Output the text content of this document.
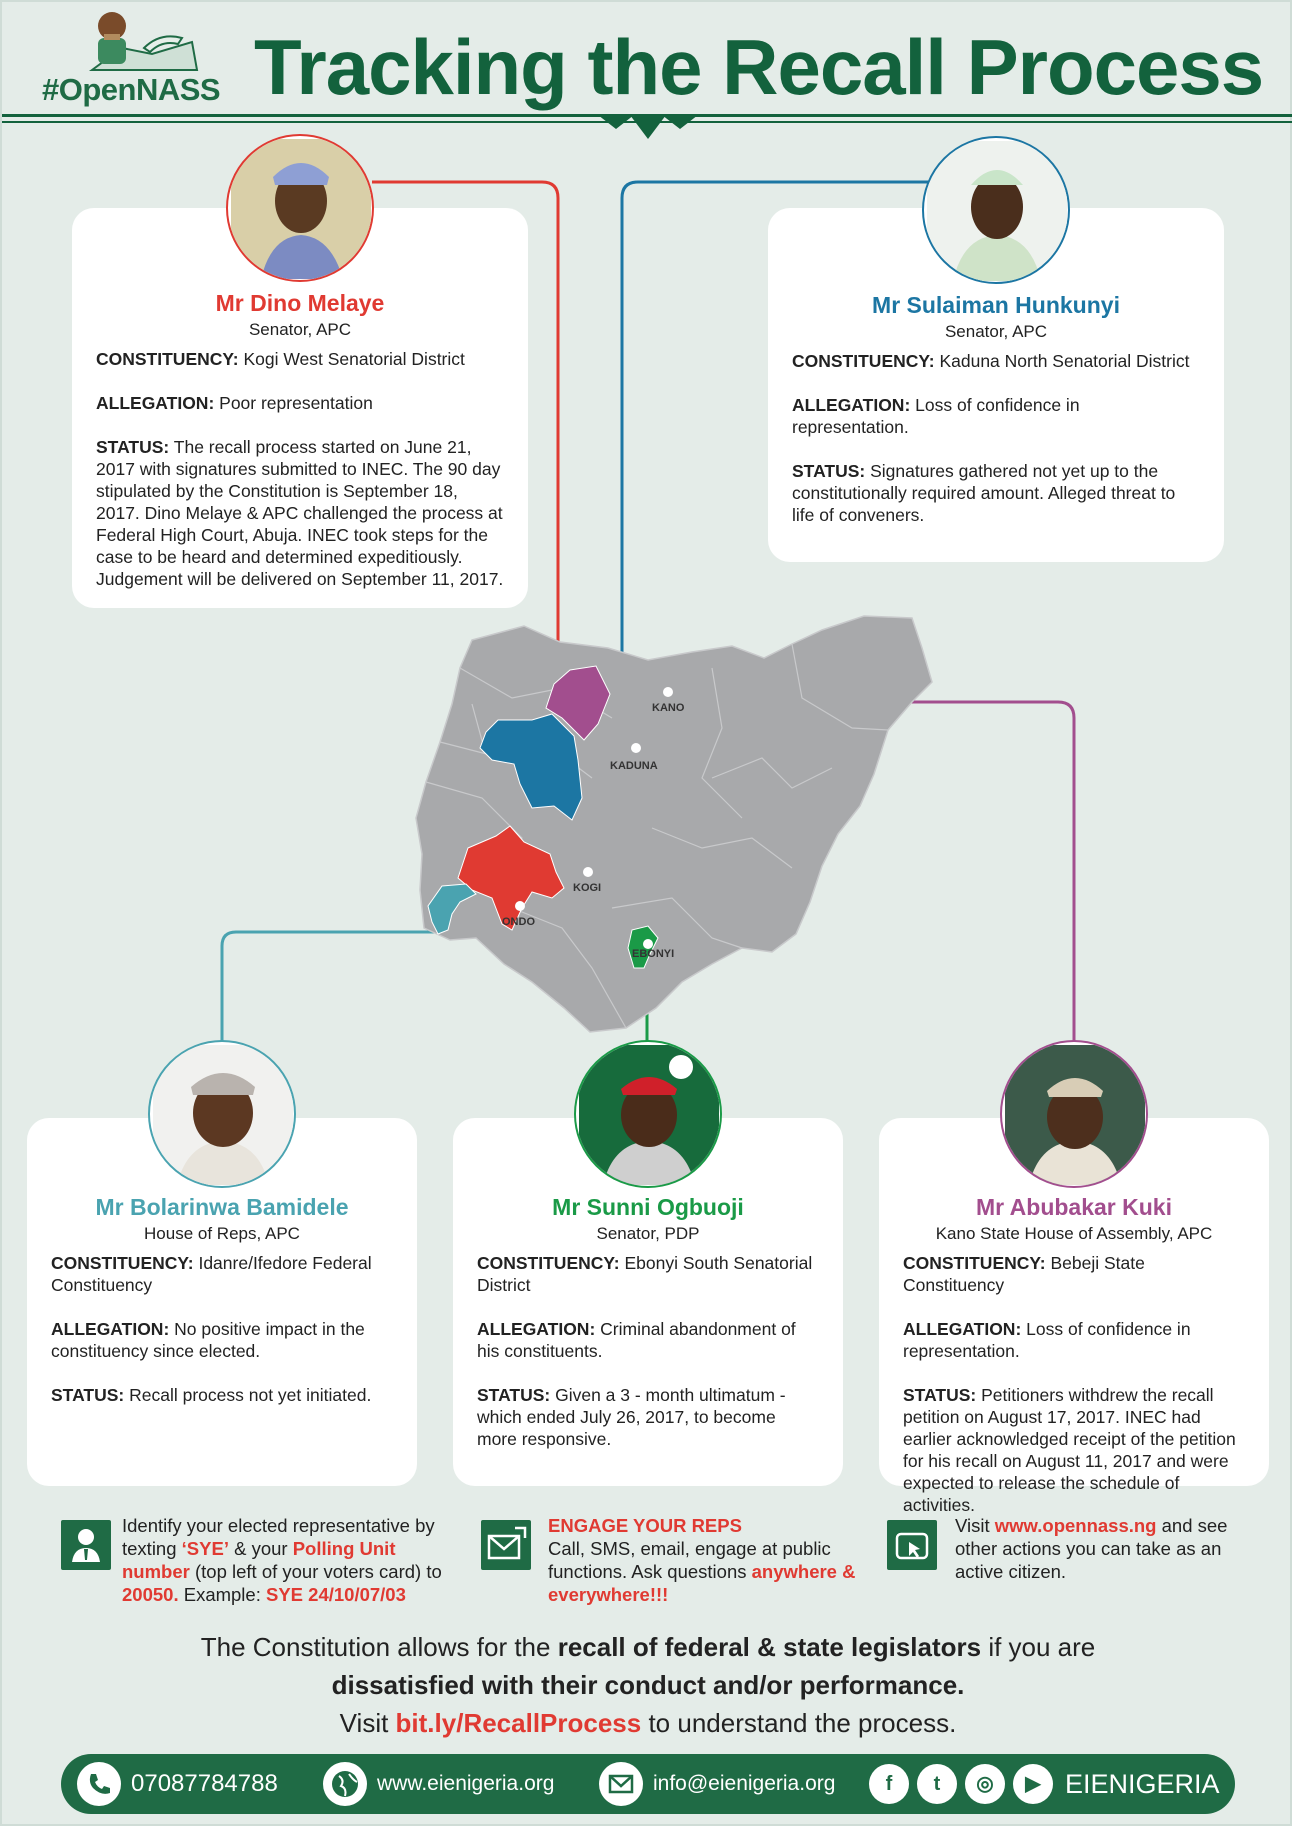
#OpenNASS Tracking the Recall Process
KANO
KADUNA
KOGI
ONDO
EBONYI
Mr Dino Melaye
Senator, APC

CONSTITUENCY: Kogi West Senatorial District

ALLEGATION: Poor representation

STATUS: The recall process started on June 21, 2017 with signatures submitted to INEC. The 90 day stipulated by the Constitution is September 18, 2017. Dino Melaye & APC challenged the process at Federal High Court, Abuja. INEC took steps for the case to be heard and determined expeditiously. Judgement will be delivered on September 11, 2017.

Mr Sulaiman Hunkunyi
Senator, APC

CONSTITUENCY: Kaduna North Senatorial District

ALLEGATION: Loss of confidence in representation.

STATUS: Signatures gathered not yet up to the constitutionally required amount. Alleged threat to life of conveners.

Mr Bolarinwa Bamidele
House of Reps, APC

CONSTITUENCY: Idanre/Ifedore Federal Constituency

ALLEGATION: No positive impact in the constituency since elected.

STATUS: Recall process not yet initiated.

Mr Sunni Ogbuoji
Senator, PDP

CONSTITUENCY: Ebonyi South Senatorial District

ALLEGATION: Criminal abandonment of his constituents.

STATUS: Given a 3 - month ultimatum - which ended July 26, 2017, to become more responsive.

Mr Abubakar Kuki
Kano State House of Assembly, APC

CONSTITUENCY: Bebeji State Constituency

ALLEGATION: Loss of confidence in representation.

STATUS: Petitioners withdrew the recall petition on August 17, 2017. INEC had earlier acknowledged receipt of the petition for his recall on August 11, 2017 and were expected to release the schedule of activities.

Identify your elected representative by texting ‘SYE’ & your Polling Unit number (top left of your voters card) to 20050. Example: SYE 24/10/07/03
ENGAGE YOUR REPS
Call, SMS, email, engage at public functions. Ask questions anywhere & everywhere!!!
Visit www.opennass.ng and see other actions you can take as an active citizen.
The Constitution allows for the recall of federal & state legislators if you are
dissatisfied with their conduct and/or performance.
Visit bit.ly/RecallProcess to understand the process.
07087784788	www.eienigeria.org	info@eienigeria.org	f	t	◎	▶ EIENIGERIA
